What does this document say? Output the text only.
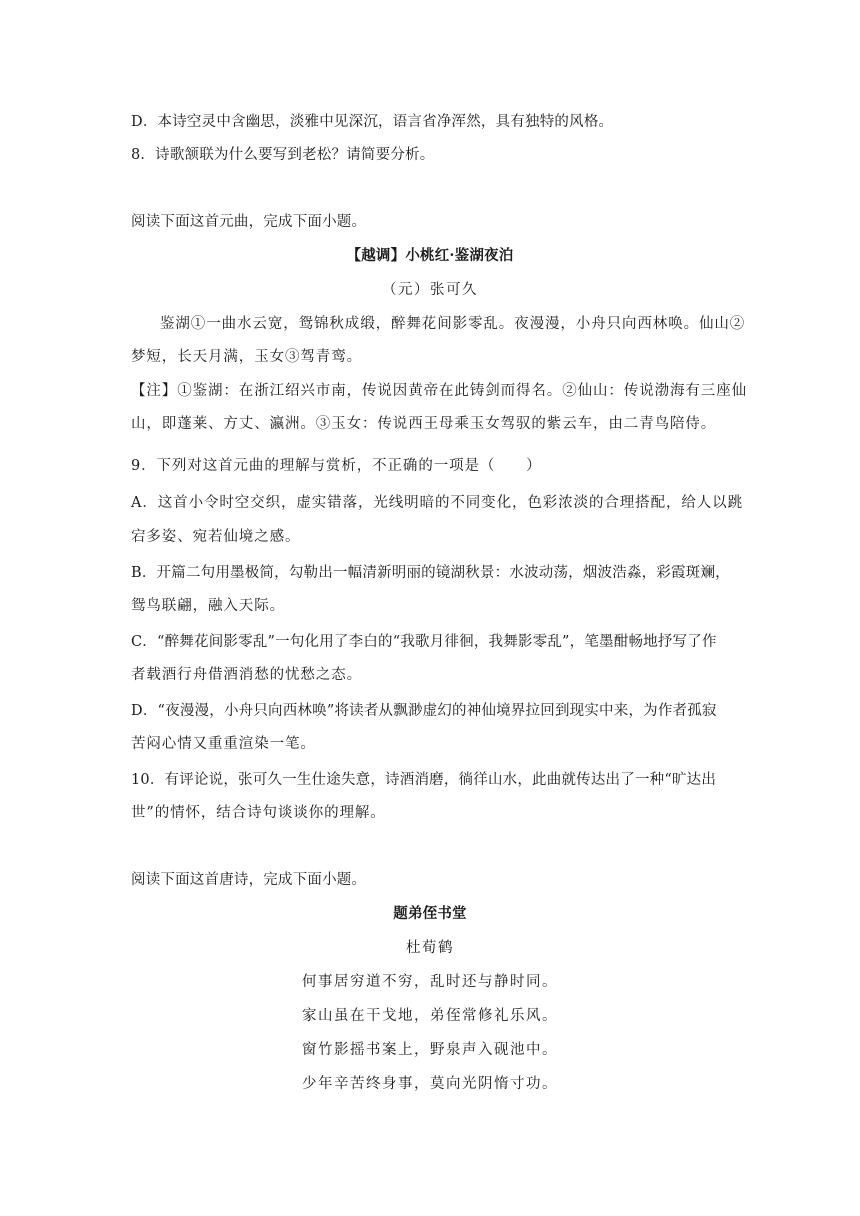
D．本诗空灵中含幽思，淡雅中见深沉，语言省净浑然，具有独特的风格。
8．诗歌颔联为什么要写到老松？请简要分析。
阅读下面这首元曲，完成下面小题。
【越调】小桃红·鉴湖夜泊
（元）张可久
鉴湖①一曲水云宽，鸳锦秋成缎，醉舞花间影零乱。夜漫漫，小舟只向西林唤。仙山②
梦短，长天月满，玉女③驾青鸾。
【注】①鉴湖：在浙江绍兴市南，传说因黄帝在此铸剑而得名。②仙山：传说渤海有三座仙
山，即蓬莱、方丈、瀛洲。③玉女：传说西王母乘玉女驾驭的紫云车，由二青鸟陪侍。
9．下列对这首元曲的理解与赏析，不正确的一项是（　　）
A．这首小令时空交织，虚实错落，光线明暗的不同变化，色彩浓淡的合理搭配，给人以跳
宕多姿、宛若仙境之感。
B．开篇二句用墨极简，勾勒出一幅清新明丽的镜湖秋景：水波动荡，烟波浩淼，彩霞斑斓，
鸳鸟联翩，融入天际。
C．“醉舞花间影零乱”一句化用了李白的“我歌月徘徊，我舞影零乱”，笔墨酣畅地抒写了作
者载酒行舟借酒消愁的忧愁之态。
D．“夜漫漫，小舟只向西林唤”将读者从飘渺虚幻的神仙境界拉回到现实中来，为作者孤寂
苦闷心情又重重渲染一笔。
10．有评论说，张可久一生仕途失意，诗酒消磨，徜徉山水，此曲就传达出了一种“旷达出
世”的情怀，结合诗句谈谈你的理解。
阅读下面这首唐诗，完成下面小题。
题弟侄书堂
杜荀鹤
何事居穷道不穷，乱时还与静时同。
家山虽在干戈地，弟侄常修礼乐风。
窗竹影摇书案上，野泉声入砚池中。
少年辛苦终身事，莫向光阴惰寸功。
